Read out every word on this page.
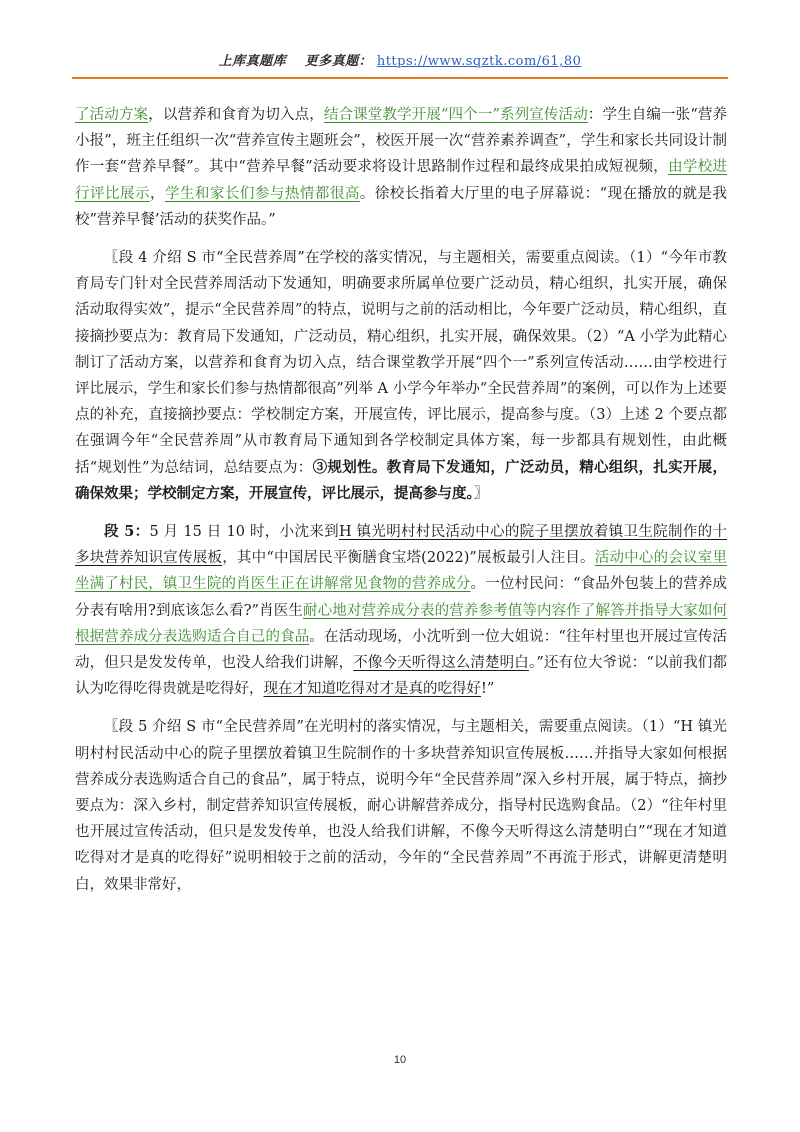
上库真题库 更多真题： https://www.sqztk.com/61,80

了活动方案，以营养和食育为切入点，结合课堂教学开展“四个一”系列宣传活动：学生自编一张“营养小报”，班主任组织一次“营养宣传主题班会”，校医开展一次“营养素养调查”，学生和家长共同设计制作一套“营养早餐”。其中“营养早餐”活动要求将设计思路制作过程和最终成果拍成短视频，由学校进行评比展示，学生和家长们参与热情都很高。徐校长指着大厅里的电子屏幕说：“现在播放的就是我校”营养早餐’活动的获奖作品。”

〖段 4 介绍 S 市“全民营养周”在学校的落实情况，与主题相关，需要重点阅读。（1）“今年市教育局专门针对全民营养周活动下发通知，明确要求所属单位要广泛动员，精心组织，扎实开展，确保活动取得实效”，提示“全民营养周”的特点，说明与之前的活动相比，今年要广泛动员，精心组织，直接摘抄要点为：教育局下发通知，广泛动员，精心组织，扎实开展，确保效果。（2）“A 小学为此精心制订了活动方案，以营养和食育为切入点，结合课堂教学开展“四个一”系列宣传活动……由学校进行评比展示，学生和家长们参与热情都很高”列举 A 小学今年举办“全民营养周”的案例，可以作为上述要点的补充，直接摘抄要点：学校制定方案，开展宣传，评比展示，提高参与度。（3）上述 2 个要点都在强调今年“全民营养周”从市教育局下通知到各学校制定具体方案，每一步都具有规划性，由此概括“规划性”为总结词，总结要点为：③规划性。教育局下发通知，广泛动员，精心组织，扎实开展，确保效果；学校制定方案，开展宣传，评比展示，提高参与度。〗

段 5：5 月 15 日 10 时，小沈来到H 镇光明村村民活动中心的院子里摆放着镇卫生院制作的十多块营养知识宣传展板，其中“中国居民平衡膳食宝塔(2022)”展板最引人注目。活动中心的会议室里坐满了村民，镇卫生院的肖医生正在讲解常见食物的营养成分。一位村民问：“食品外包装上的营养成分表有啥用?到底该怎么看?”肖医生耐心地对营养成分表的营养参考值等内容作了解答并指导大家如何根据营养成分表选购适合自己的食品。在活动现场，小沈听到一位大姐说：“往年村里也开展过宣传活动，但只是发发传单，也没人给我们讲解，不像今天听得这么清楚明白。”还有位大爷说：“以前我们都认为吃得吃得贵就是吃得好，现在才知道吃得对才是真的吃得好!”

〖段 5 介绍 S 市“全民营养周”在光明村的落实情况，与主题相关，需要重点阅读。（1）“H 镇光明村村民活动中心的院子里摆放着镇卫生院制作的十多块营养知识宣传展板……并指导大家如何根据营养成分表选购适合自己的食品”，属于特点，说明今年“全民营养周”深入乡村开展，属于特点，摘抄要点为：深入乡村，制定营养知识宣传展板，耐心讲解营养成分，指导村民选购食品。（2）“往年村里也开展过宣传活动，但只是发发传单，也没人给我们讲解，不像今天听得这么清楚明白”“现在才知道吃得对才是真的吃得好”说明相较于之前的活动，今年的“全民营养周”不再流于形式，讲解更清楚明白，效果非常好，

10
